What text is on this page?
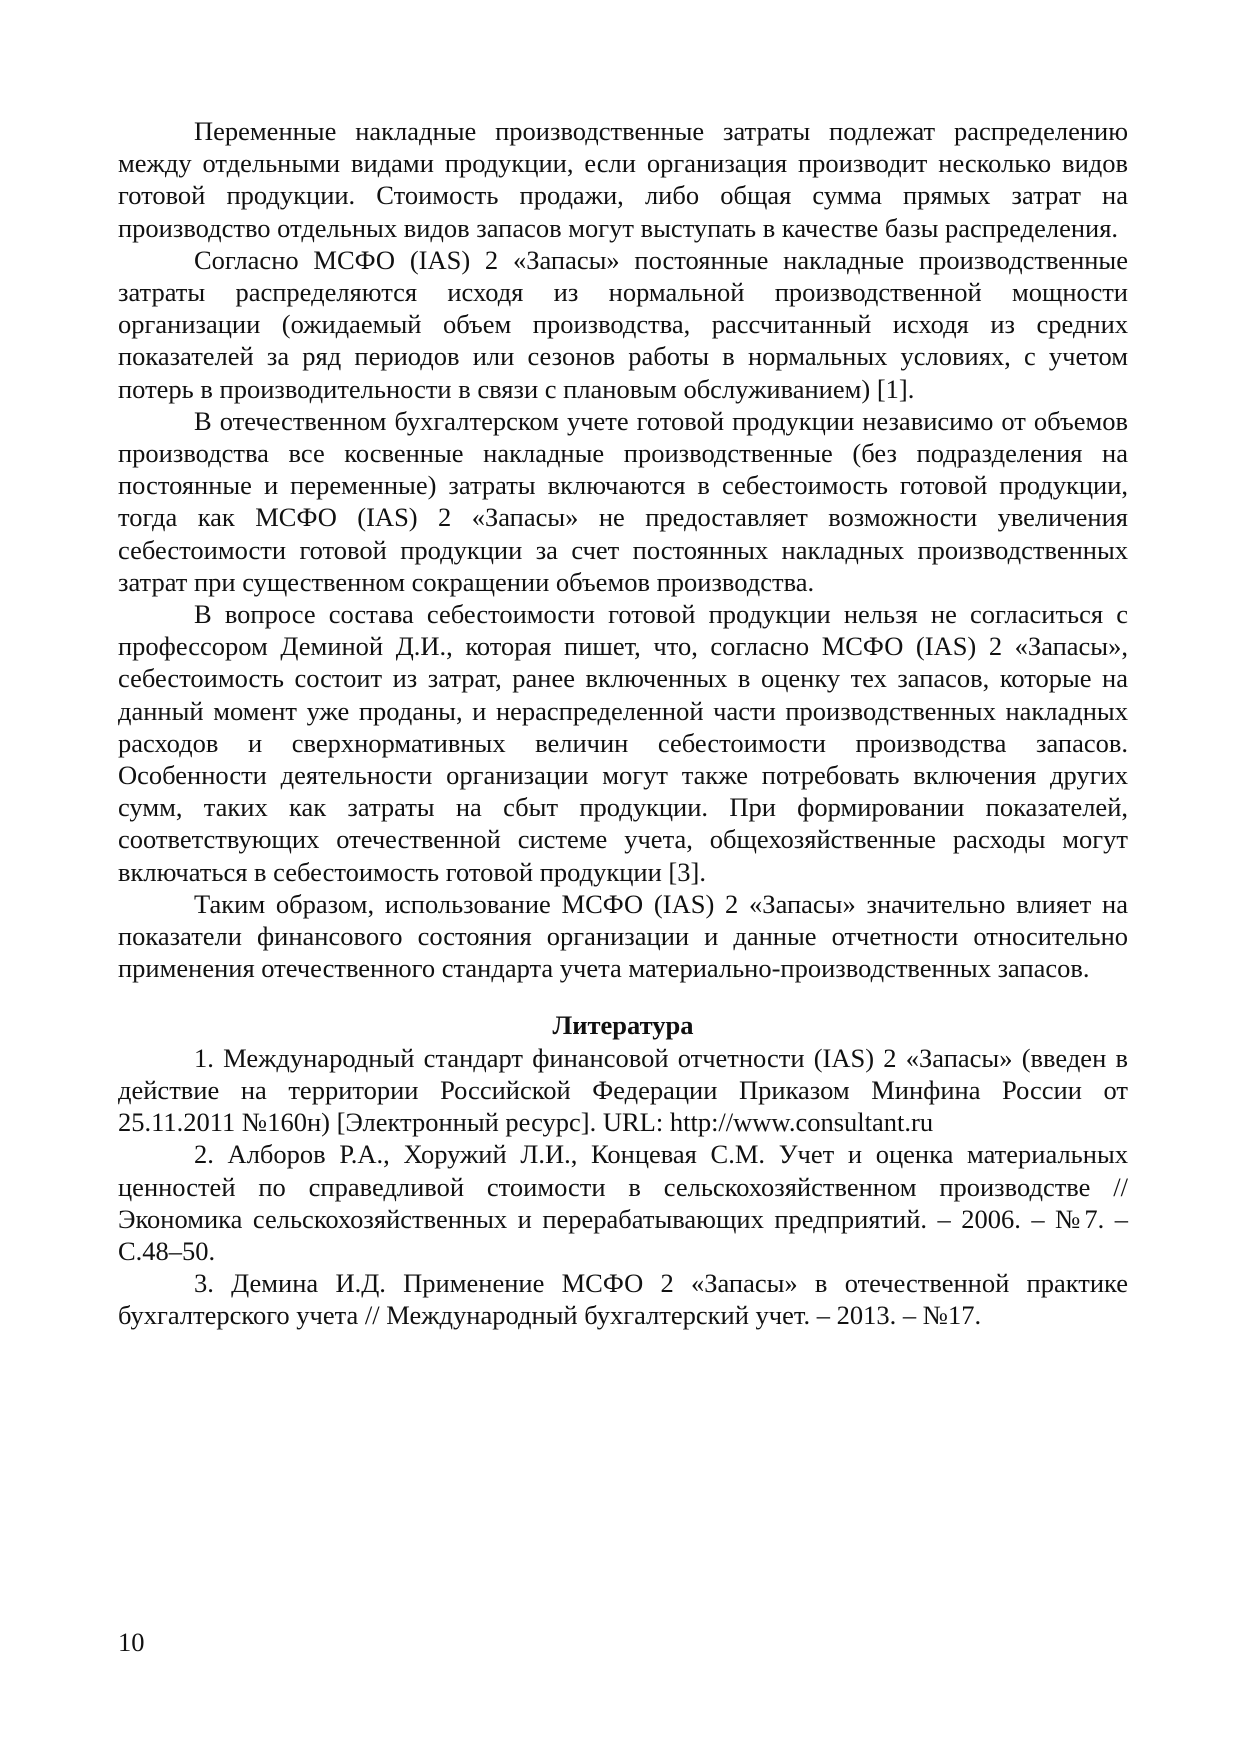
Переменные накладные производственные затраты подлежат распределению между отдельными видами продукции, если организация производит несколько видов готовой продукции. Стоимость продажи, либо общая сумма прямых затрат на производство отдельных видов запасов могут выступать в качестве базы распределения.

Согласно МСФО (IAS) 2 «Запасы» постоянные накладные производственные затраты распределяются исходя из нормальной производственной мощности организации (ожидаемый объем производства, рассчитанный исходя из средних показателей за ряд периодов или сезонов работы в нормальных условиях, с учетом потерь в производительности в связи с плановым обслуживанием) [1].

В отечественном бухгалтерском учете готовой продукции независимо от объемов производства все косвенные накладные производственные (без подразделения на постоянные и переменные) затраты включаются в себестоимость готовой продукции, тогда как МСФО (IAS) 2 «Запасы» не предоставляет возможности увеличения себестоимости готовой продукции за счет постоянных накладных производственных затрат при существенном сокращении объемов производства.

В вопросе состава себестоимости готовой продукции нельзя не согласиться с профессором Деминой Д.И., которая пишет, что, согласно МСФО (IAS) 2 «Запасы», себестоимость состоит из затрат, ранее включенных в оценку тех запасов, которые на данный момент уже проданы, и нераспределенной части производственных накладных расходов и сверхнормативных величин себестоимости производства запасов. Особенности деятельности организации могут также потребовать включения других сумм, таких как затраты на сбыт продукции. При формировании показателей, соответствующих отечественной системе учета, общехозяйственные расходы могут включаться в себестоимость готовой продукции [3].

Таким образом, использование МСФО (IAS) 2 «Запасы» значительно влияет на показатели финансового состояния организации и данные отчетности относительно применения отечественного стандарта учета материально-производственных запасов.

Литература

1. Международный стандарт финансовой отчетности (IAS) 2 «Запасы» (введен в действие на территории Российской Федерации Приказом Минфина России от 25.11.2011 №160н) [Электронный ресурс]. URL: http://www.consultant.ru

2. Алборов Р.А., Хоружий Л.И., Концевая С.М. Учет и оценка материальных ценностей по справедливой стоимости в сельскохозяйственном производстве // Экономика сельскохозяйственных и перерабатывающих предприятий. – 2006. – №7. – С.48–50.

3. Демина И.Д. Применение МСФО 2 «Запасы» в отечественной практике бухгалтерского учета // Международный бухгалтерский учет. – 2013. – №17.

10
